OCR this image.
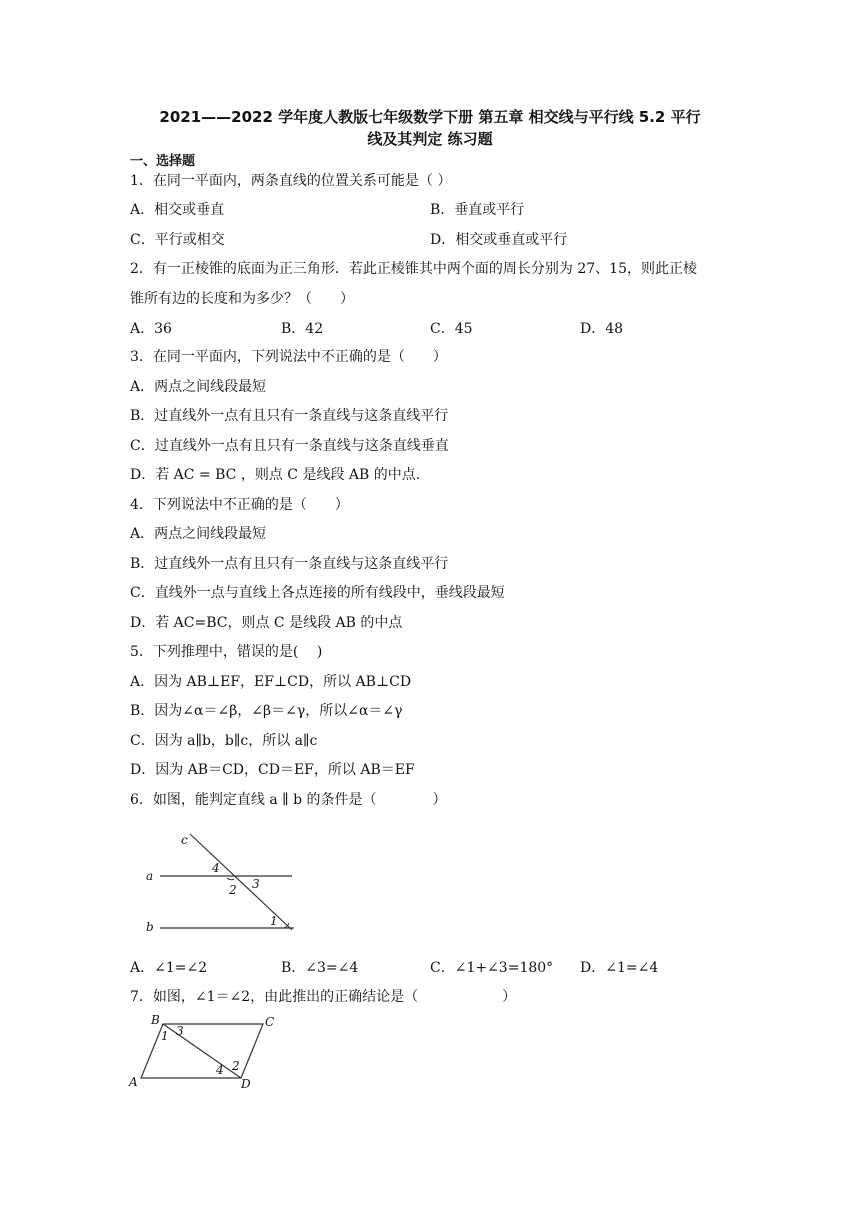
2021——2022 学年度人教版七年级数学下册 第五章 相交线与平行线 5.2 平行
线及其判定 练习题
一、选择题
1．在同一平面内，两条直线的位置关系可能是（ ）
A．相交或垂直	B．垂直或平行
C．平行或相交	D．相交或垂直或平行
2．有一正棱锥的底面为正三角形．若此正棱锥其中两个面的周长分别为 27、15，则此正棱
锥所有边的长度和为多少？（　　）
A．36	B．42	C．45	D．48
3．在同一平面内，下列说法中不正确的是（　　）
A．两点之间线段最短
B．过直线外一点有且只有一条直线与这条直线平行
C．过直线外一点有且只有一条直线与这条直线垂直
D．若 AC = BC ，则点 C 是线段 AB 的中点.
4．下列说法中不正确的是（　　）
A．两点之间线段最短
B．过直线外一点有且只有一条直线与这条直线平行
C．直线外一点与直线上各点连接的所有线段中，垂线段最短
D．若 AC=BC，则点 C 是线段 AB 的中点
5．下列推理中，错误的是(　 )
A．因为 AB⊥EF，EF⊥CD，所以 AB⊥CD
B．因为∠α＝∠β，∠β＝∠γ，所以∠α＝∠γ
C．因为 a∥b，b∥c，所以 a∥c
D．因为 AB＝CD，CD＝EF，所以 AB＝EF
6．如图，能判定直线 a ∥ b 的条件是（　　　　）
c
a
b
4
2 3
1
A．∠1=∠2	B．∠3=∠4	C．∠1+∠3=180° D．∠1=∠4
7．如图，∠1＝∠2，由此推出的正确结论是（　　　　　　）
B	C
A	D
3
1
2
4
